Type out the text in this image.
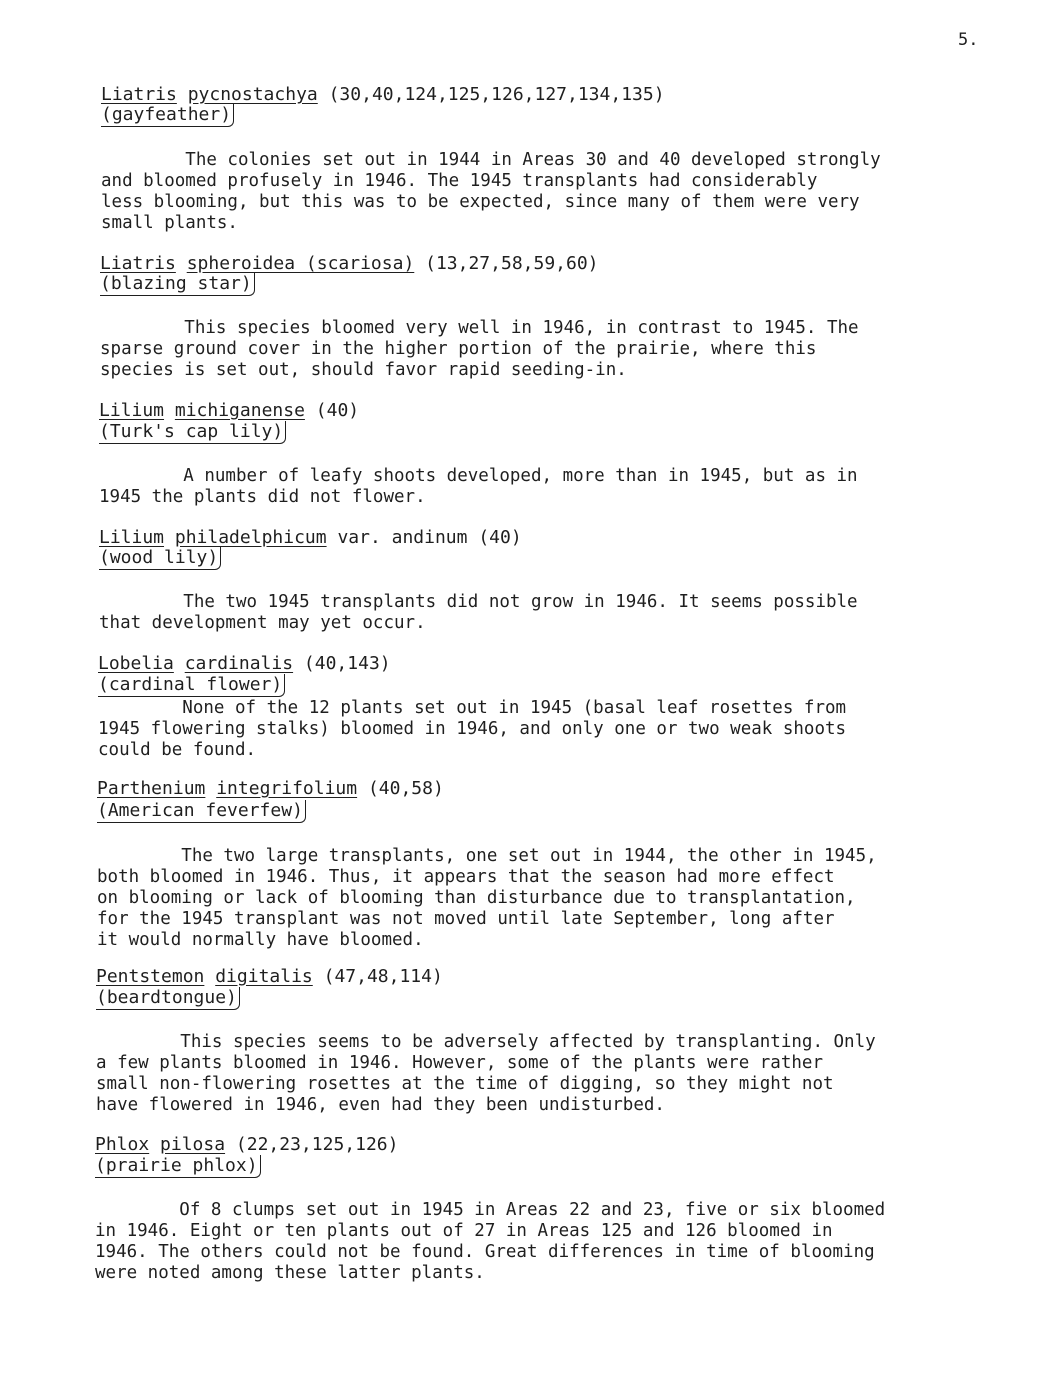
5.
Liatris pycnostachya (30,40,124,125,126,127,134,135)
(gayfeather)
The colonies set out in 1944 in Areas 30 and 40 developed strongly
and bloomed profusely in 1946. The 1945 transplants had considerably
less blooming, but this was to be expected, since many of them were very
small plants.
Liatris spheroidea (scariosa) (13,27,58,59,60)
(blazing star)
This species bloomed very well in 1946, in contrast to 1945. The
sparse ground cover in the higher portion of the prairie, where this
species is set out, should favor rapid seeding-in.
Lilium michiganense (40)
(Turk's cap lily)
A number of leafy shoots developed, more than in 1945, but as in
1945 the plants did not flower.
Lilium philadelphicum var. andinum (40)
(wood lily)
The two 1945 transplants did not grow in 1946. It seems possible
that development may yet occur.
Lobelia cardinalis (40,143)
(cardinal flower)
None of the 12 plants set out in 1945 (basal leaf rosettes from
1945 flowering stalks) bloomed in 1946, and only one or two weak shoots
could be found.
Parthenium integrifolium (40,58)
(American feverfew)
The two large transplants, one set out in 1944, the other in 1945,
both bloomed in 1946. Thus, it appears that the season had more effect
on blooming or lack of blooming than disturbance due to transplantation,
for the 1945 transplant was not moved until late September, long after
it would normally have bloomed.
Pentstemon digitalis (47,48,114)
(beardtongue)
This species seems to be adversely affected by transplanting. Only
a few plants bloomed in 1946. However, some of the plants were rather
small non-flowering rosettes at the time of digging, so they might not
have flowered in 1946, even had they been undisturbed.
Phlox pilosa (22,23,125,126)
(prairie phlox)
Of 8 clumps set out in 1945 in Areas 22 and 23, five or six bloomed
in 1946. Eight or ten plants out of 27 in Areas 125 and 126 bloomed in
1946. The others could not be found. Great differences in time of blooming
were noted among these latter plants.
